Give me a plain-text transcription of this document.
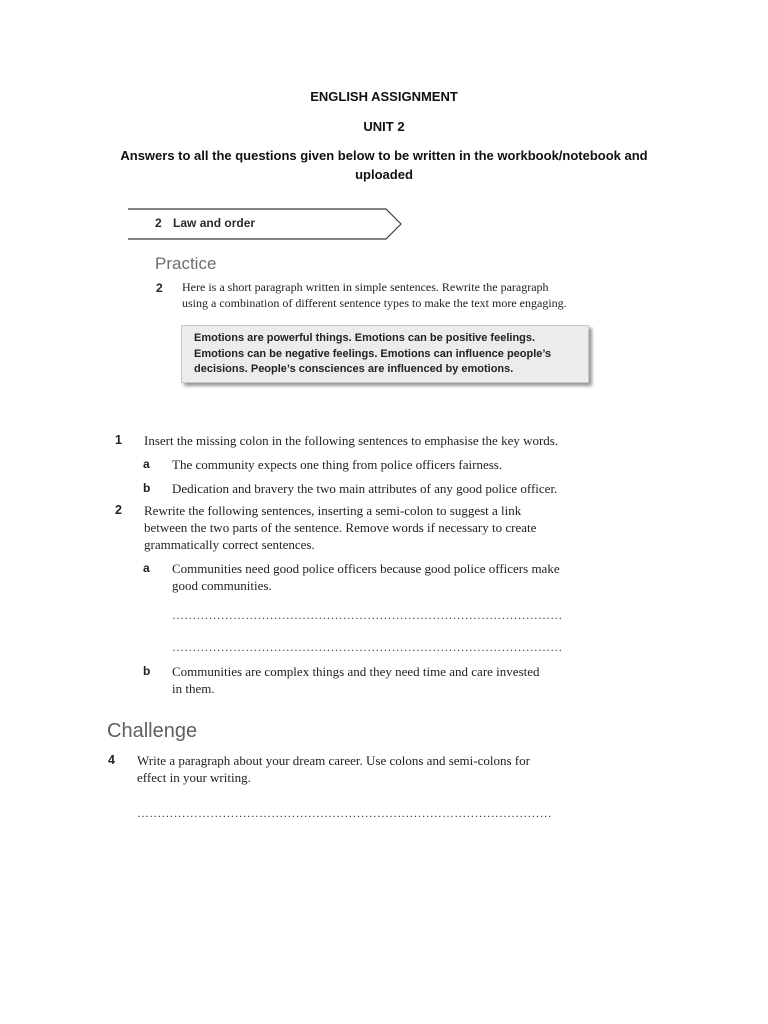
ENGLISH ASSIGNMENT
UNIT 2
Answers to all the questions given below to be written in the workbook/notebook and uploaded
2 Law and order
Practice
2 Here is a short paragraph written in simple sentences. Rewrite the paragraph
using a combination of different sentence types to make the text more engaging.
Emotions are powerful things. Emotions can be positive feelings.
Emotions can be negative feelings. Emotions can influence people’s
decisions. People’s consciences are influenced by emotions.
1 Insert the missing colon in the following sentences to emphasise the key words.
a The community expects one thing from police officers fairness.
b Dedication and bravery the two main attributes of any good police officer.
2 Rewrite the following sentences, inserting a semi-colon to suggest a link
between the two parts of the sentence. Remove words if necessary to create
grammatically correct sentences.
a Communities need good police officers because good police officers make
good communities.
……………………………………………………………………………………
……………………………………………………………………………………
b Communities are complex things and they need time and care invested
in them.
Challenge
4 Write a paragraph about your dream career. Use colons and semi-colons for
effect in your writing.
…………………………………………………………………………………………
